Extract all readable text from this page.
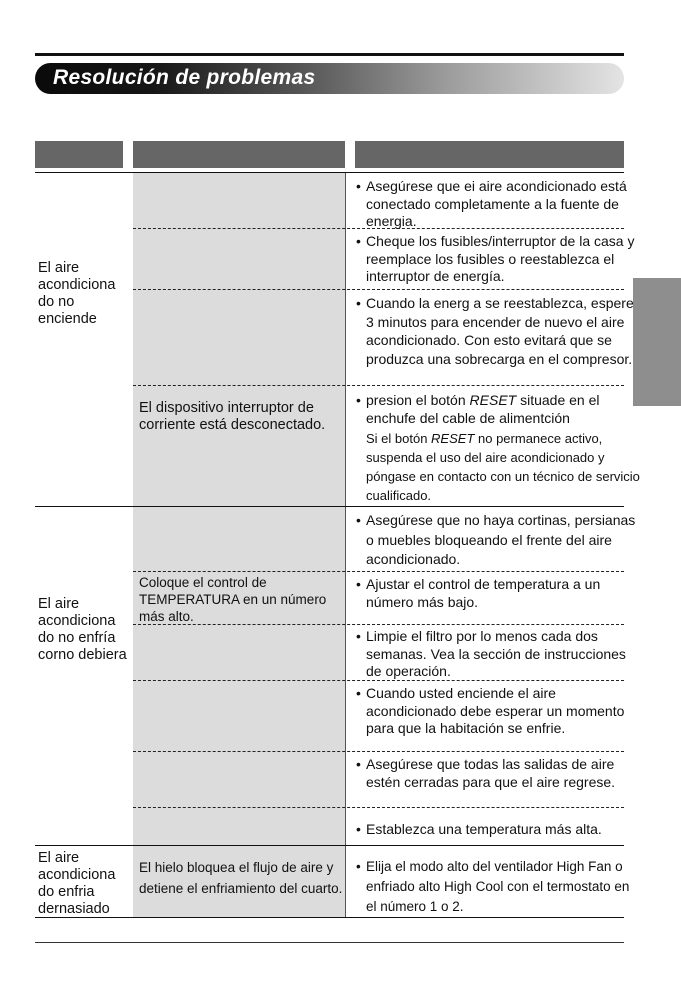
Resolución de problemas

El aire acondiciona do no enciende

El aire acondiciona do no enfría corno debiera

El aire acondiciona do enfria dernasiado

El dispositivo interruptor de corriente está desconectado.

Coloque el control de TEMPERATURA en un número más alto.

El hielo bloquea el flujo de aire y detiene el enfriamiento del cuarto.

• Asegúrese que ei aire acondicionado está conectado completamente a la fuente de energia.
• Cheque los fusibles/interruptor de la casa y reemplace los fusibles o reestablezca el interruptor de energía.
• Cuando la energ a se reestablezca, espere 3 minutos para encender de nuevo el aire acondicionado. Con esto evitará que se produzca una sobrecarga en el compresor.
• presion el botón RESET situade en el enchufe del cable de alimentción
Si el botón RESET no permanece activo, suspenda el uso del aire acondicionado y póngase en contacto con un técnico de servicio cualificado.
• Asegúrese que no haya cortinas, persianas o muebles bloqueando el frente del aire acondicionado.
• Ajustar el control de temperatura a un número más bajo.
• Limpie el filtro por lo menos cada dos semanas. Vea la sección de instrucciones de operación.
• Cuando usted enciende el aire acondicionado debe esperar un momento para que la habitación se enfrie.
• Asegúrese que todas las salidas de aire estén cerradas para que el aire regrese.
• Establezca una temperatura más alta.
• Elija el modo alto del ventilador High Fan o enfriado alto High Cool con el termostato en el número 1 o 2.
